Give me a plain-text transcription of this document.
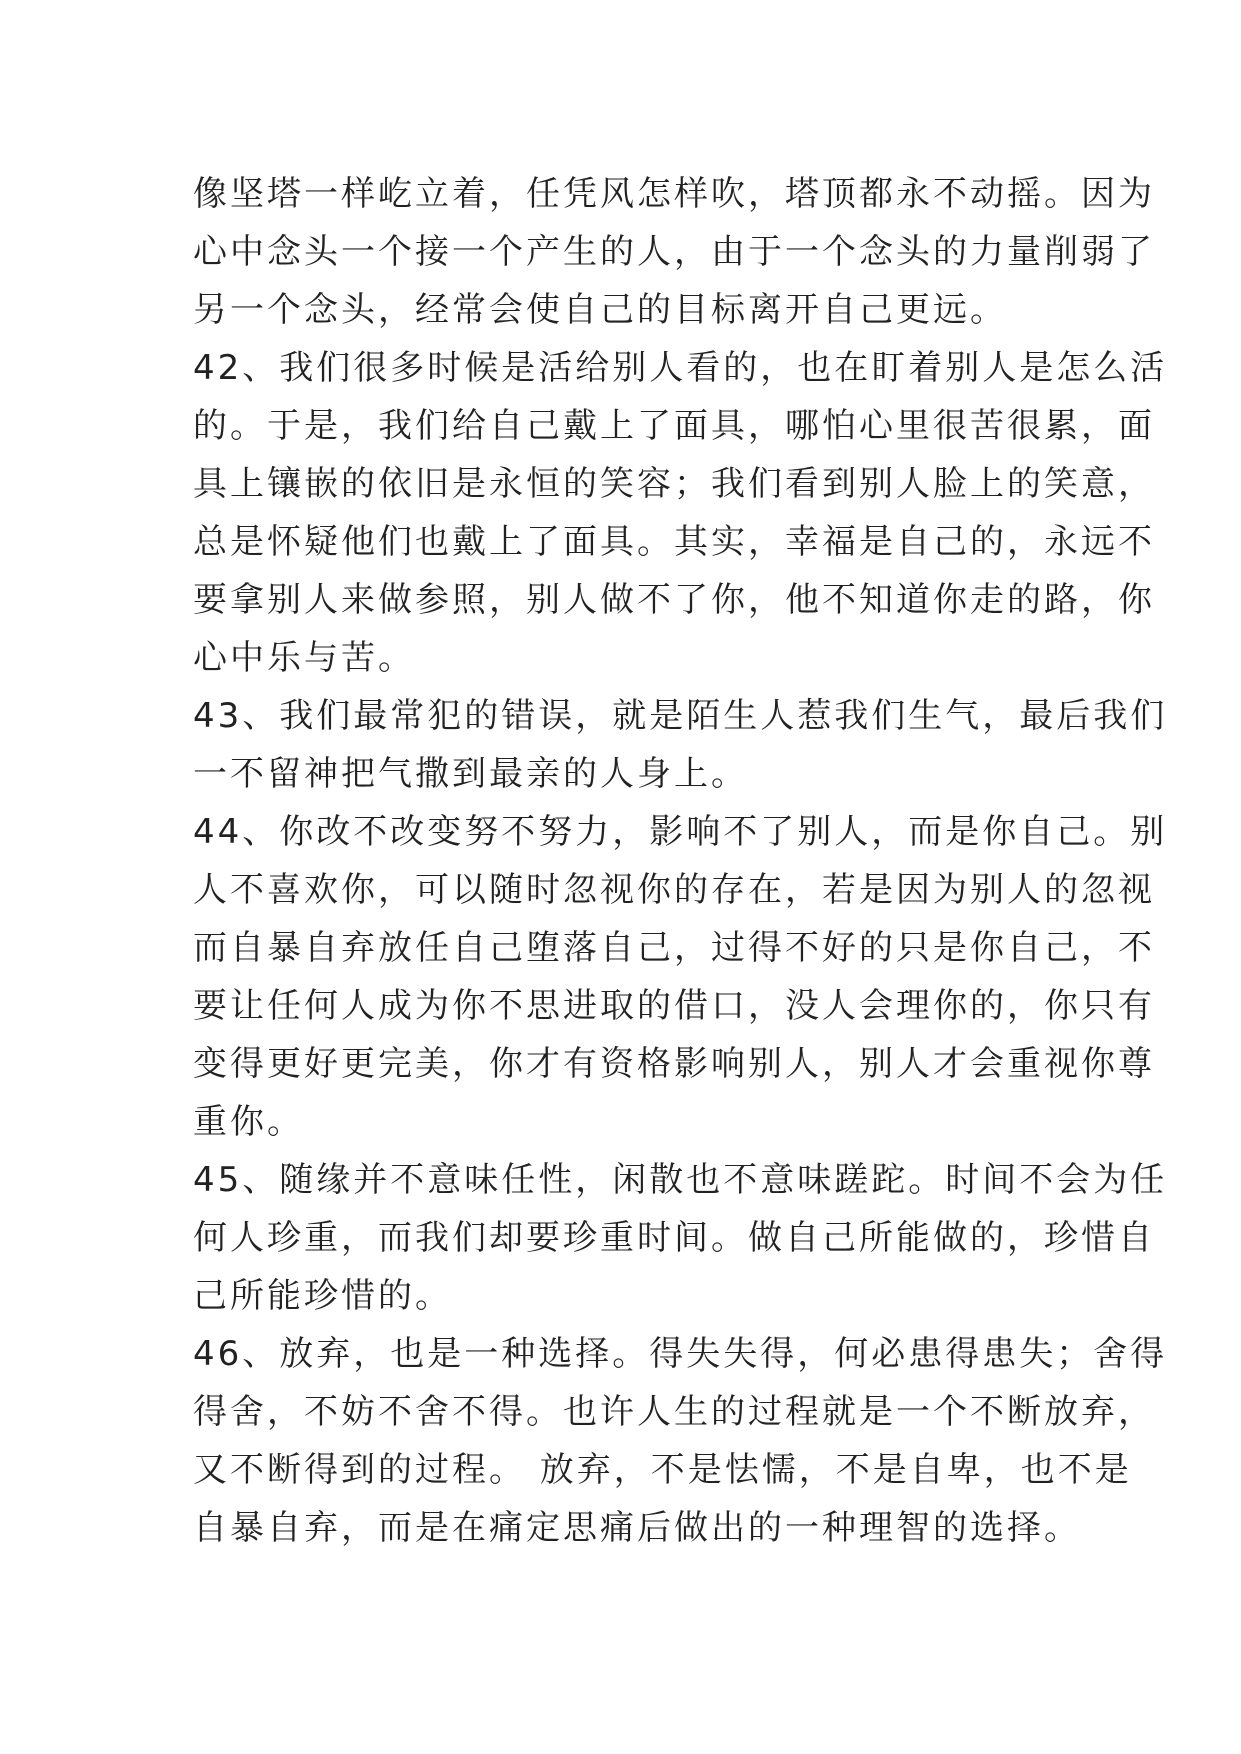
像坚塔一样屹立着，任凭风怎样吹，塔顶都永不动摇。因为
心中念头一个接一个产生的人，由于一个念头的力量削弱了
另一个念头，经常会使自己的目标离开自己更远。
42、我们很多时候是活给别人看的，也在盯着别人是怎么活
的。于是，我们给自己戴上了面具，哪怕心里很苦很累，面
具上镶嵌的依旧是永恒的笑容；我们看到别人脸上的笑意，
总是怀疑他们也戴上了面具。其实，幸福是自己的，永远不
要拿别人来做参照，别人做不了你，他不知道你走的路，你
心中乐与苦。
43、我们最常犯的错误，就是陌生人惹我们生气，最后我们
一不留神把气撒到最亲的人身上。
44、你改不改变努不努力，影响不了别人，而是你自己。别
人不喜欢你，可以随时忽视你的存在，若是因为别人的忽视
而自暴自弃放任自己堕落自己，过得不好的只是你自己，不
要让任何人成为你不思进取的借口，没人会理你的，你只有
变得更好更完美，你才有资格影响别人，别人才会重视你尊
重你。
45、随缘并不意味任性，闲散也不意味蹉跎。时间不会为任
何人珍重，而我们却要珍重时间。做自己所能做的，珍惜自
己所能珍惜的。
46、放弃，也是一种选择。得失失得，何必患得患失；舍得
得舍，不妨不舍不得。也许人生的过程就是一个不断放弃，
又不断得到的过程。 放弃，不是怯懦，不是自卑，也不是
自暴自弃，而是在痛定思痛后做出的一种理智的选择。
